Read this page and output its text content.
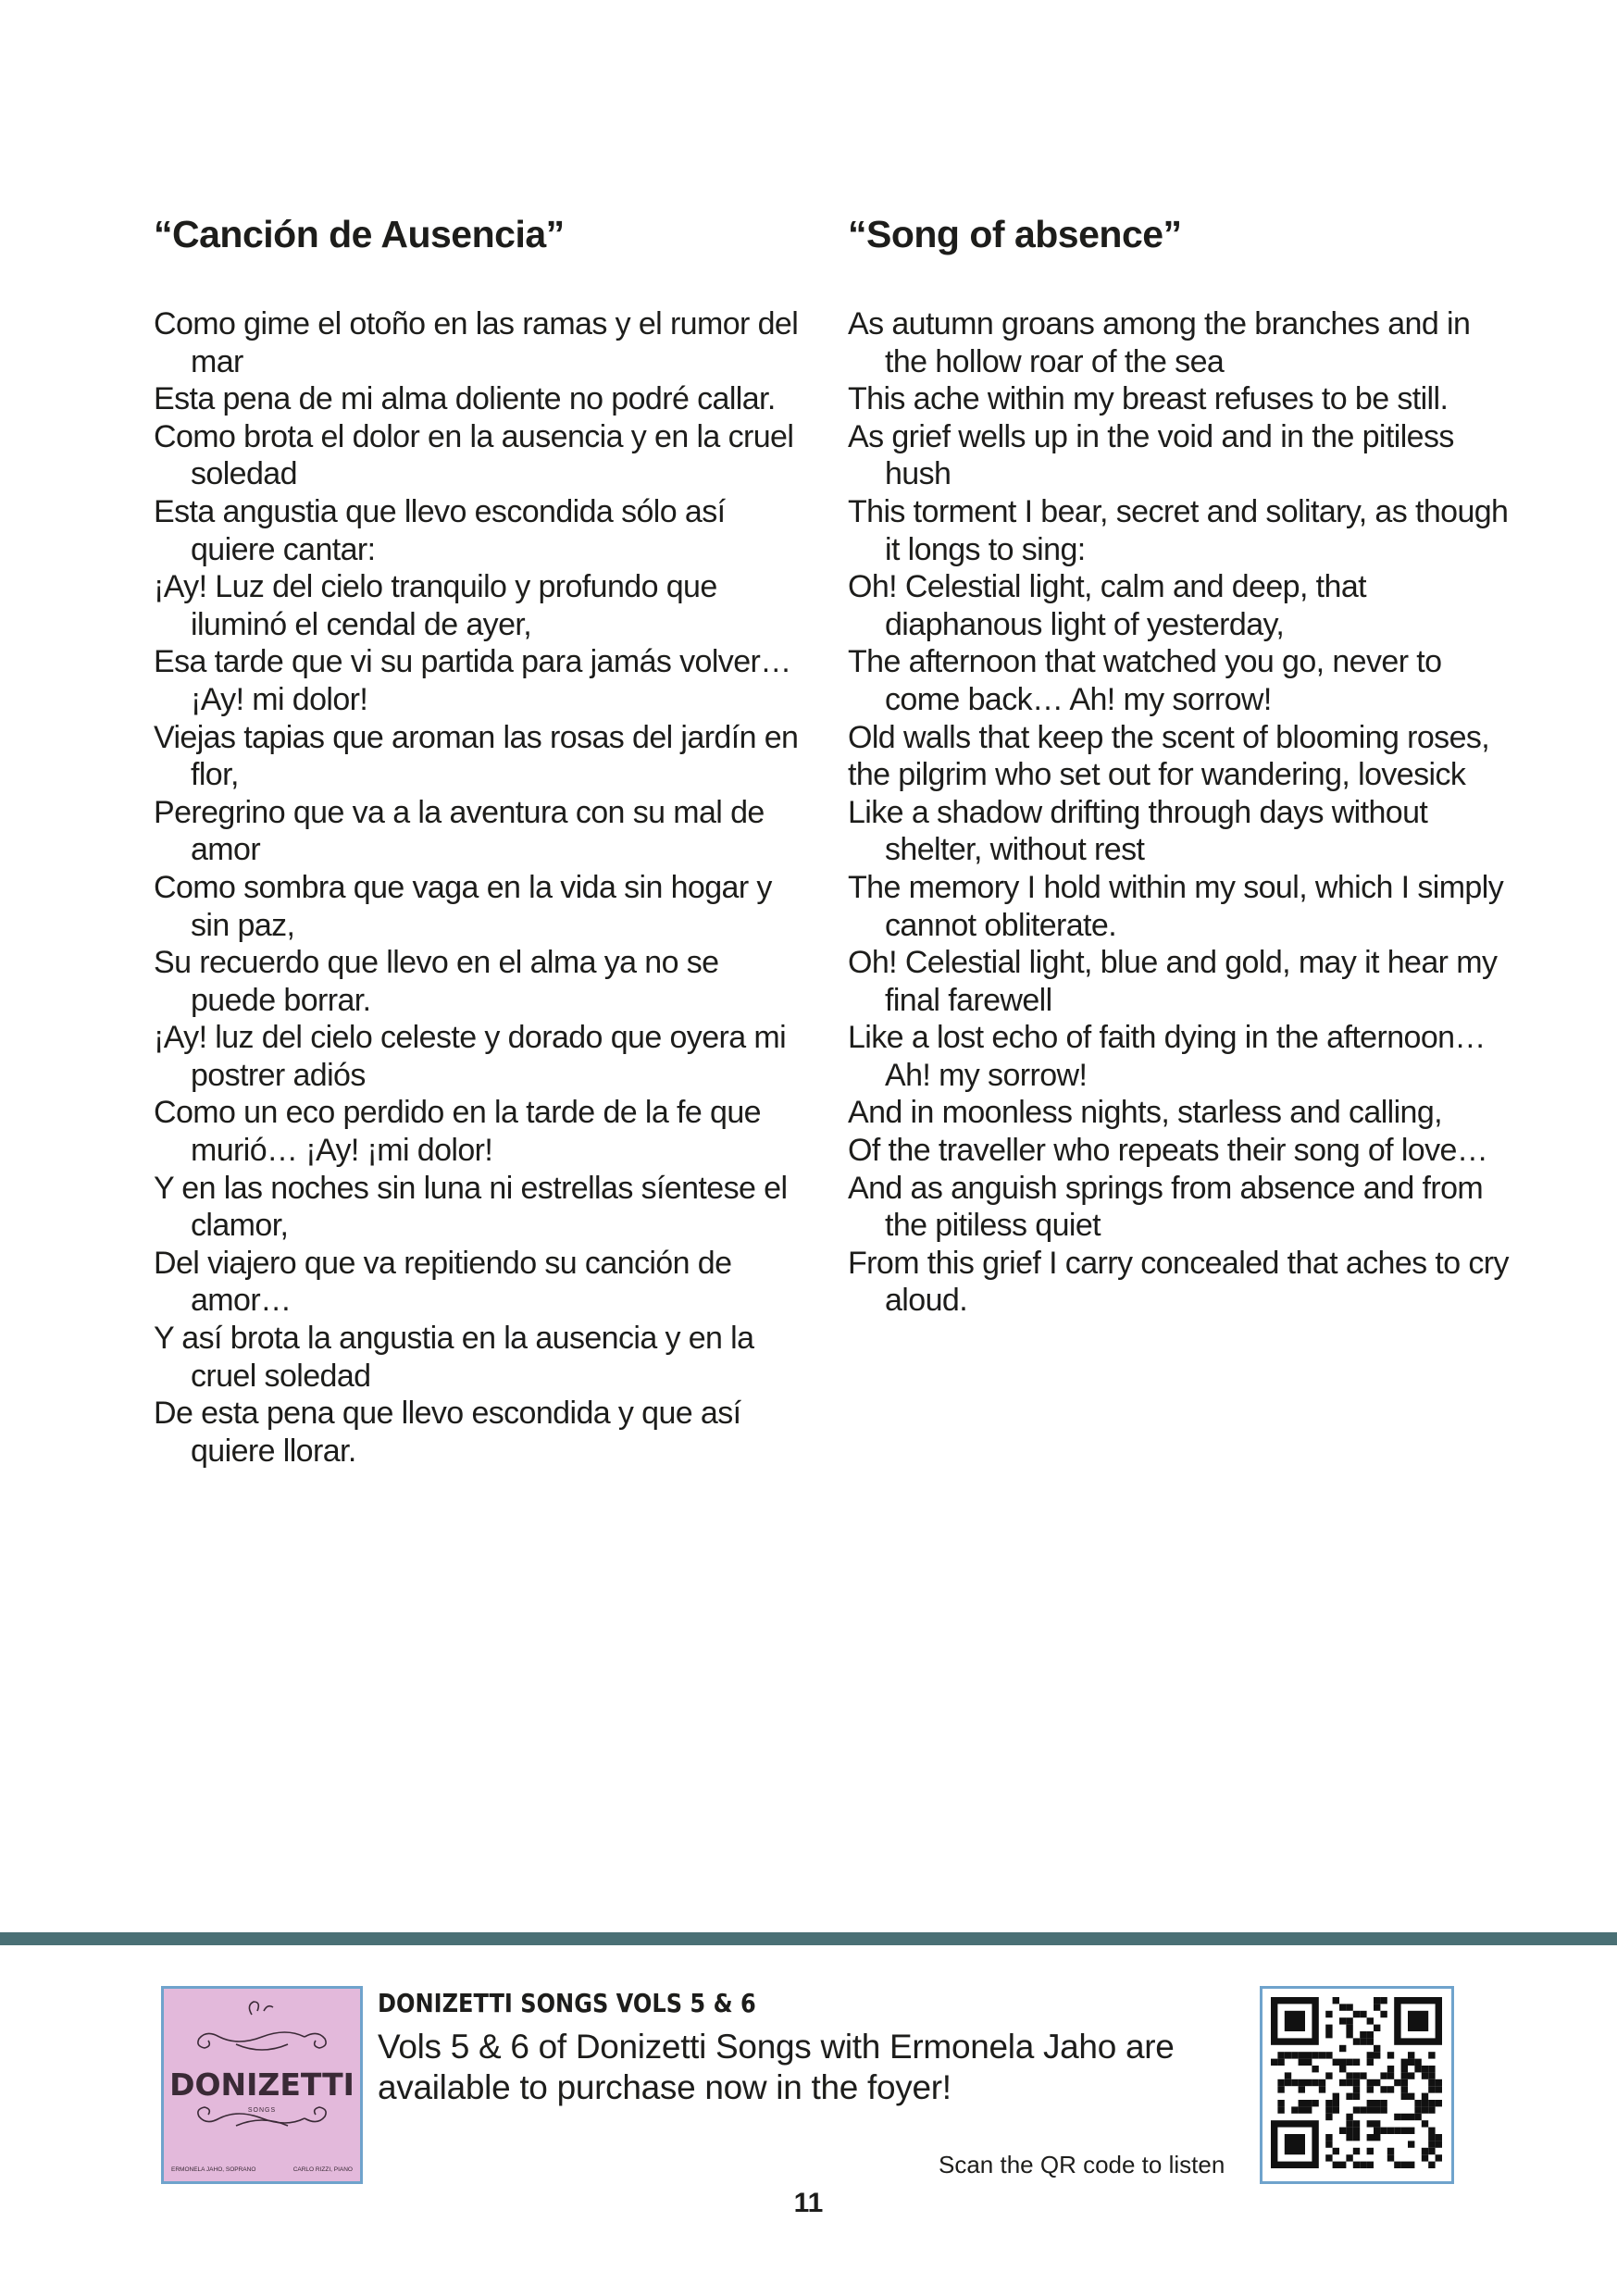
“Canción de Ausencia”
Como gime el otoño en las ramas y el rumor del mar
Esta pena de mi alma doliente no podré callar.
Como brota el dolor en la ausencia y en la cruel soledad
Esta angustia que llevo escondida sólo así quiere cantar:
¡Ay! Luz del cielo tranquilo y profundo que iluminó el cendal de ayer,
Esa tarde que vi su partida para jamás volver… ¡Ay! mi dolor!
Viejas tapias que aroman las rosas del jardín en flor,
Peregrino que va a la aventura con su mal de amor
Como sombra que vaga en la vida sin hogar y sin paz,
Su recuerdo que llevo en el alma ya no se puede borrar.
¡Ay! luz del cielo celeste y dorado que oyera mi postrer adiós
Como un eco perdido en la tarde de la fe que murió… ¡Ay! ¡mi dolor!
Y en las noches sin luna ni estrellas síentese el clamor,
Del viajero que va repitiendo su canción de amor…
Y así brota la angustia en la ausencia y en la cruel soledad
De esta pena que llevo escondida y que así quiere llorar.
“Song of absence”
As autumn groans among the branches and in the hollow roar of the sea
This ache within my breast refuses to be still.
As grief wells up in the void and in the pitiless hush
This torment I bear, secret and solitary, as though it longs to sing:
Oh! Celestial light, calm and deep, that diaphanous light of yesterday,
The afternoon that watched you go, never to come back… Ah! my sorrow!
Old walls that keep the scent of blooming roses,
the pilgrim who set out for wandering, lovesick
Like a shadow drifting through days without shelter, without rest
The memory I hold within my soul, which I simply cannot obliterate.
Oh! Celestial light, blue and gold, may it hear my final farewell
Like a lost echo of faith dying in the afternoon… Ah! my sorrow!
And in moonless nights, starless and calling,
Of the traveller who repeats their song of love…
And as anguish springs from absence and from the pitiless quiet
From this grief I carry concealed that aches to cry aloud.
DONIZETTI
SONGS
ERMONELA JAHO, SOPRANO	CARLO RIZZI, PIANO
DONIZETTI SONGS VOLS 5 & 6
Vols 5 & 6 of Donizetti Songs with Ermonela Jaho are available to purchase now in the foyer!
Scan the QR code to listen
11
